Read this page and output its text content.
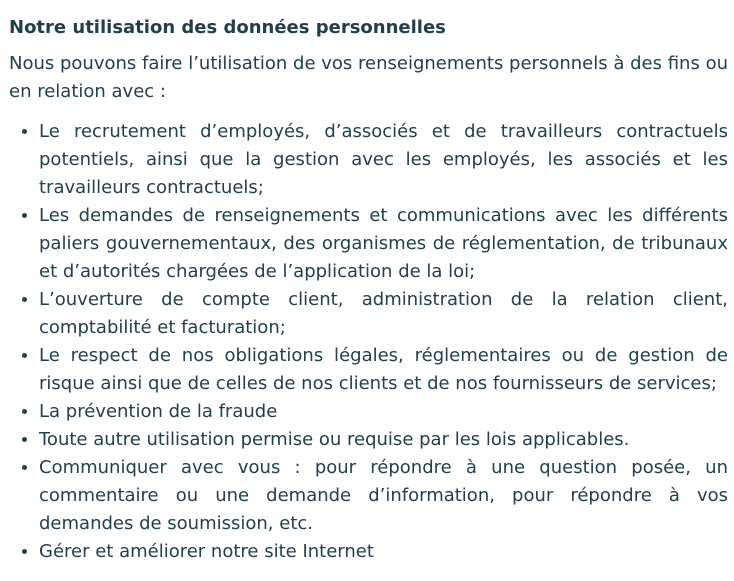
Notre utilisation des données personnelles

Nous pouvons faire l’utilisation de vos renseignements personnels à des fins ou en relation avec :

• Le recrutement d’employés, d’associés et de travailleurs contractuels potentiels, ainsi que la gestion avec les employés, les associés et les travailleurs contractuels;
• Les demandes de renseignements et communications avec les différents paliers gouvernementaux, des organismes de réglementation, de tribunaux et d’autorités chargées de l’application de la loi;
• L’ouverture de compte client, administration de la relation client, comptabilité et facturation;
• Le respect de nos obligations légales, réglementaires ou de gestion de risque ainsi que de celles de nos clients et de nos fournisseurs de services;
• La prévention de la fraude
• Toute autre utilisation permise ou requise par les lois applicables.
• Communiquer avec vous : pour répondre à une question posée, un commentaire ou une demande d’information, pour répondre à vos demandes de soumission, etc.
• Gérer et améliorer notre site Internet
